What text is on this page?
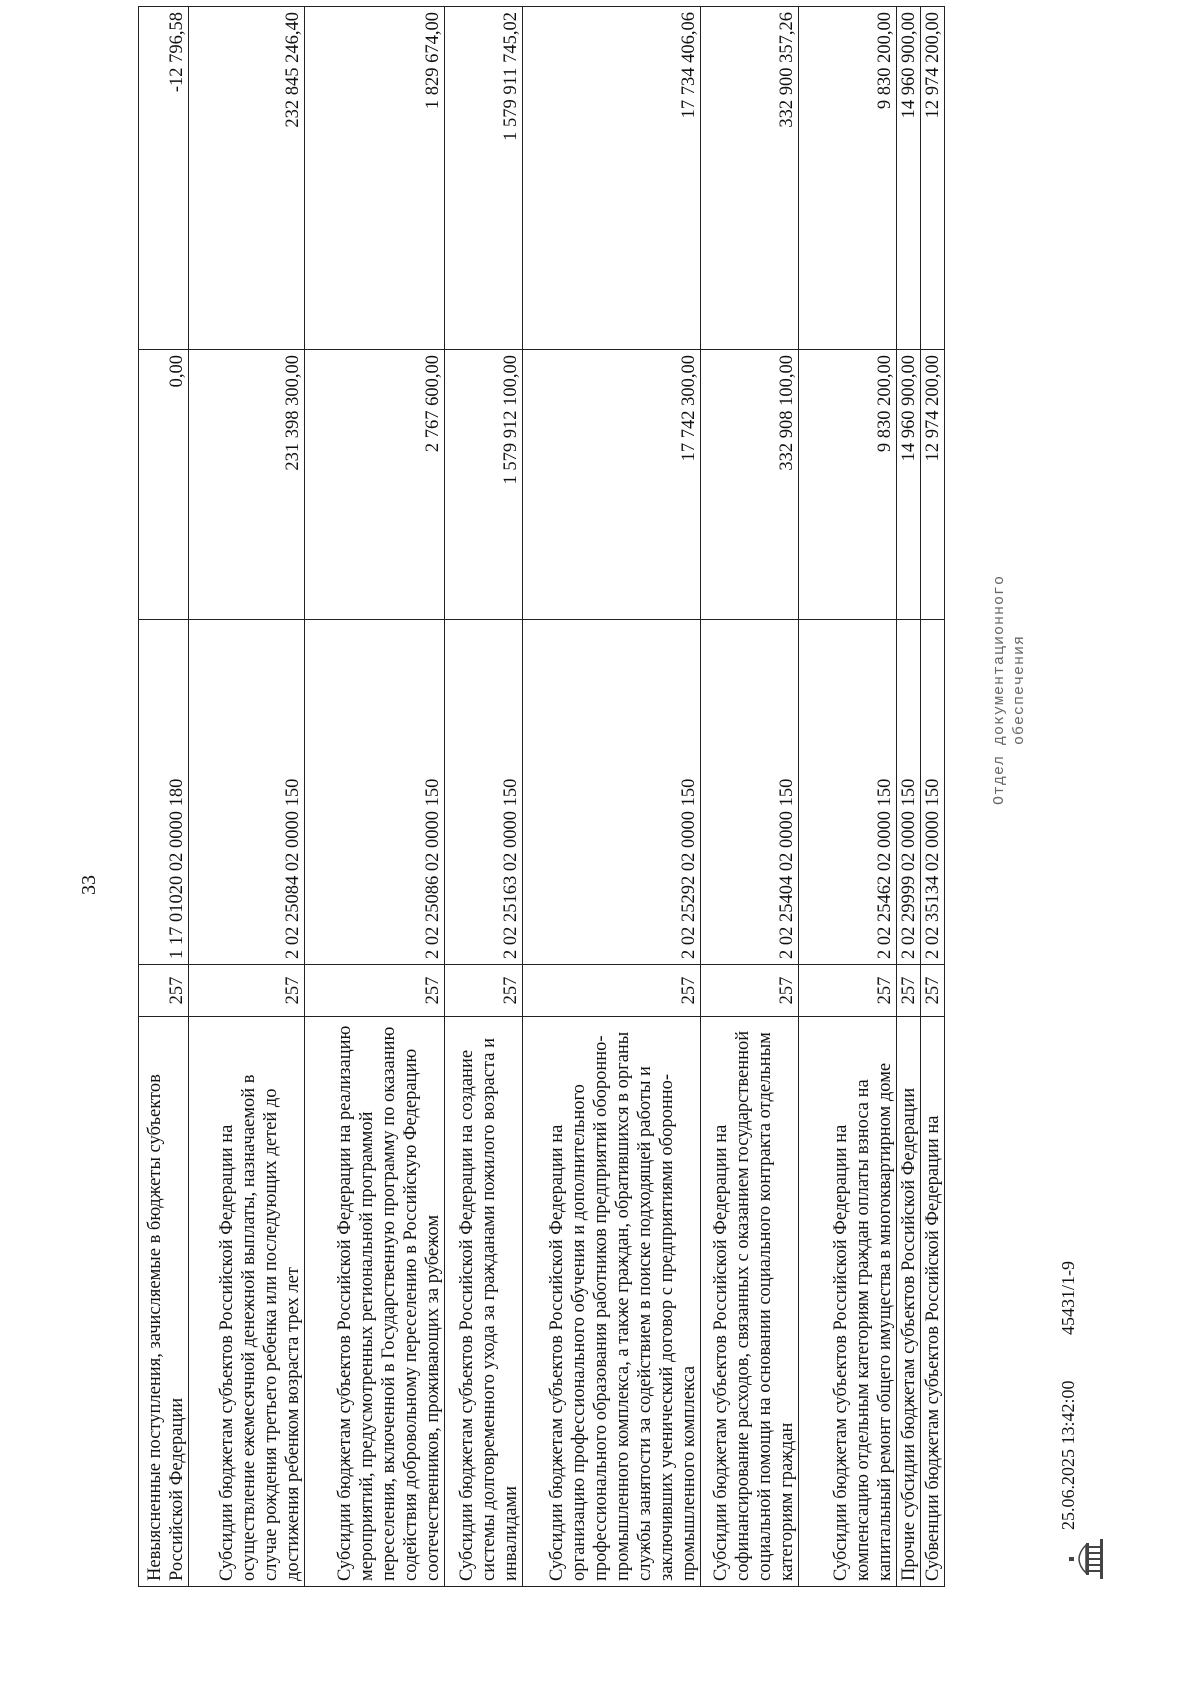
33
Невыясненные поступления, зачисляемые в бюджеты субъектов Российской Федерации	257	1 17 01020 02 0000 180	0,00	-12 796,58
Субсидии бюджетам субъектов Российской Федерации на осуществление ежемесячной денежной выплаты, назначаемой в случае рождения третьего ребенка или последующих детей до достижения ребенком возраста трех лет	257	2 02 25084 02 0000 150	231 398 300,00	232 845 246,40
Субсидии бюджетам субъектов Российской Федерации на реализацию мероприятий, предусмотренных региональной программой переселения, включенной в Государственную программу по оказанию содействия добровольному переселению в Российскую Федерацию соотечественников, проживающих за рубежом	257	2 02 25086 02 0000 150	2 767 600,00	1 829 674,00
Субсидии бюджетам субъектов Российской Федерации на создание системы долговременного ухода за гражданами пожилого возраста и инвалидами	257	2 02 25163 02 0000 150	1 579 912 100,00	1 579 911 745,02
Субсидии бюджетам субъектов Российской Федерации на организацию профессионального обучения и дополнительного профессионального образования работников предприятий оборонно-промышленного комплекса, а также граждан, обратившихся в органы службы занятости за содействием в поиске подходящей работы и заключивших ученический договор с предприятиями оборонно-промышленного комплекса	257	2 02 25292 02 0000 150	17 742 300,00	17 734 406,06
Субсидии бюджетам субъектов Российской Федерации на софинансирование расходов, связанных с оказанием государственной социальной помощи на основании социального контракта отдельным категориям граждан	257	2 02 25404 02 0000 150	332 908 100,00	332 900 357,26
Субсидии бюджетам субъектов Российской Федерации на компенсацию отдельным категориям граждан оплаты взноса на капитальный ремонт общего имущества в многоквартирном доме	257	2 02 25462 02 0000 150	9 830 200,00	9 830 200,00
Прочие субсидии бюджетам субъектов Российской Федерации	257	2 02 29999 02 0000 150	14 960 900,00	14 960 900,00
Субвенции бюджетам субъектов Российской Федерации на	257	2 02 35134 02 0000 150	12 974 200,00	12 974 200,00
25.06.2025 13:42:00
45431/1-9
Отдел документационного обеспечения
